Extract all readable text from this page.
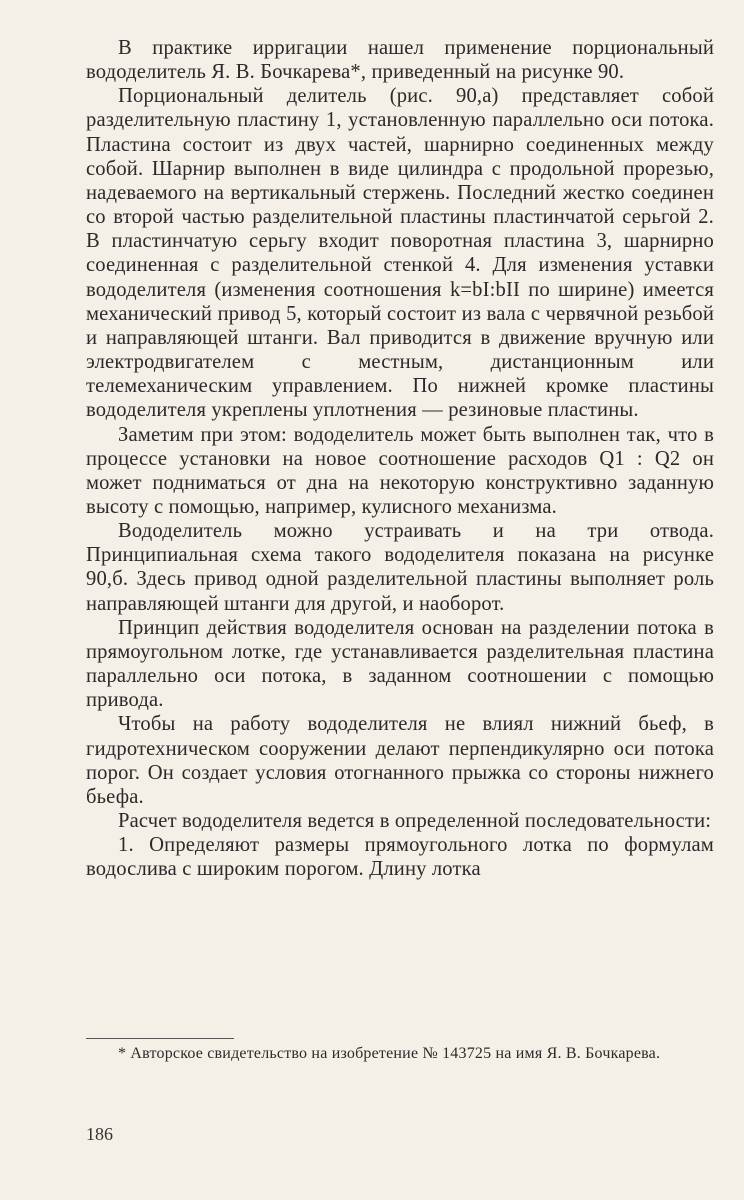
В практике ирригации нашел применение порциональный вододелитель Я. В. Бочкарева*, приведенный на рисунке 90.

Порциональный делитель (рис. 90,а) представляет собой разделительную пластину 1, установленную параллельно оси потока. Пластина состоит из двух частей, шарнирно соединенных между собой. Шарнир выполнен в виде цилиндра с продольной прорезью, надеваемого на вертикальный стержень. Последний жестко соединен со второй частью разделительной пластины пластинчатой серьгой 2. В пластинчатую серьгу входит поворотная пластина 3, шарнирно соединенная с разделительной стенкой 4. Для изменения уставки вододелителя (изменения соотношения k=bI:bII по ширине) имеется механический привод 5, который состоит из вала с червячной резьбой и направляющей штанги. Вал приводится в движение вручную или электродвигателем с местным, дистанционным или телемеханическим управлением. По нижней кромке пластины вододелителя укреплены уплотнения — резиновые пластины.

Заметим при этом: вододелитель может быть выполнен так, что в процессе установки на новое соотношение расходов Q1 : Q2 он может подниматься от дна на некоторую конструктивно заданную высоту с помощью, например, кулисного механизма.

Вододелитель можно устраивать и на три отвода. Принципиальная схема такого вододелителя показана на рисунке 90,б. Здесь привод одной разделительной пластины выполняет роль направляющей штанги для другой, и наоборот.

Принцип действия вододелителя основан на разделении потока в прямоугольном лотке, где устанавливается разделительная пластина параллельно оси потока, в заданном соотношении с помощью привода.

Чтобы на работу вододелителя не влиял нижний бьеф, в гидротехническом сооружении делают перпендикулярно оси потока порог. Он создает условия отогнанного прыжка со стороны нижнего бьефа.

Расчет вододелителя ведется в определенной последовательности:

1. Определяют размеры прямоугольного лотка по формулам водослива с широким порогом. Длину лотка

* Авторское свидетельство на изобретение № 143725 на имя Я. В. Бочкарева.

186
